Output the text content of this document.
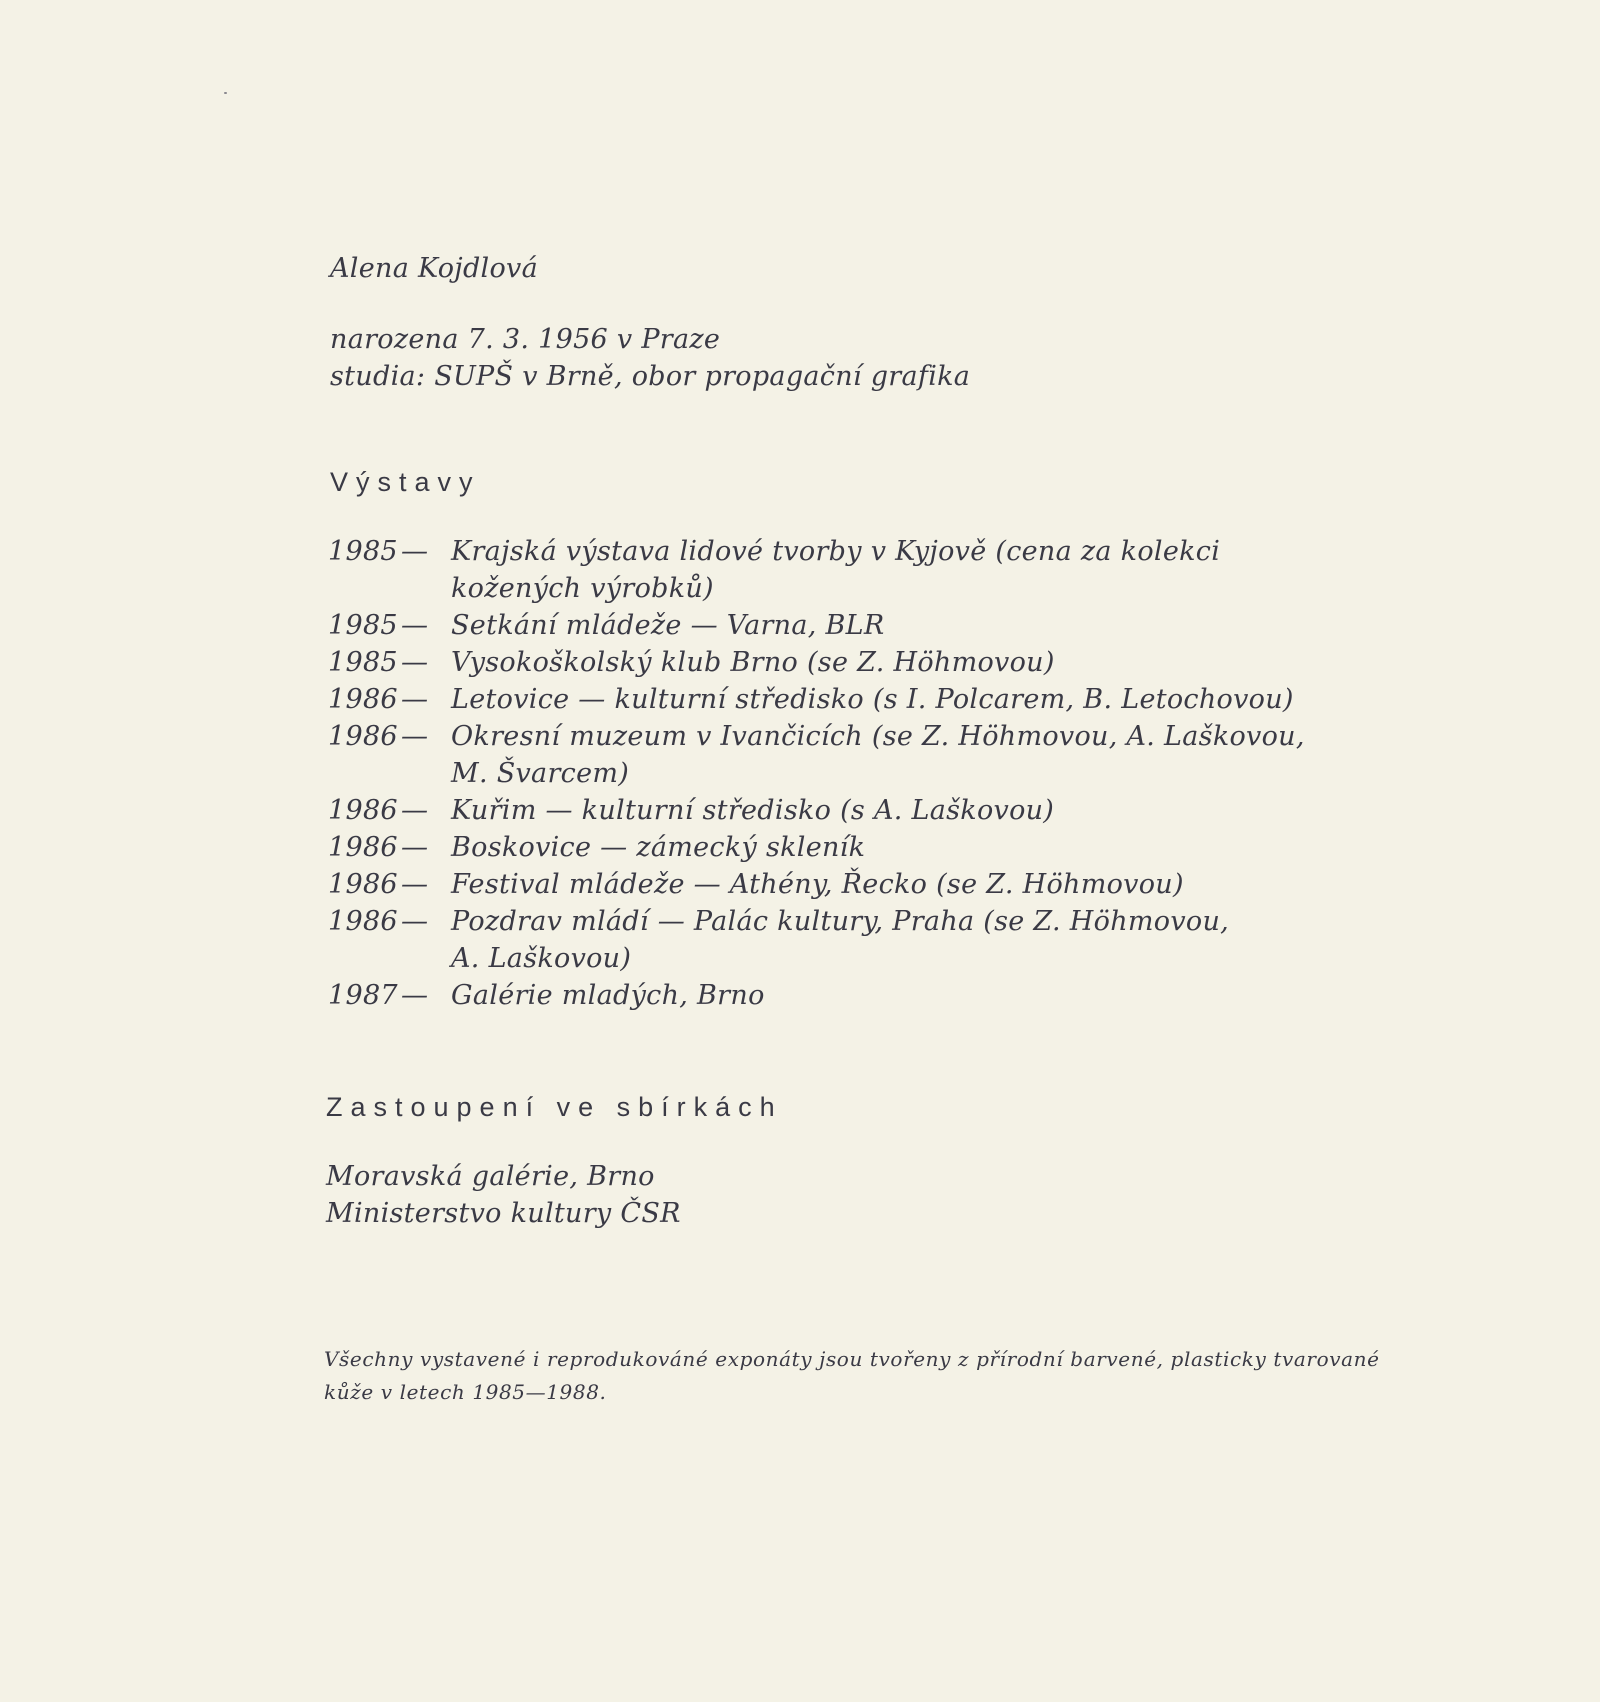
Alena Kojdlová
narozena 7. 3. 1956 v Praze
studia: SUPŠ v Brně, obor propagační grafika
Výstavy
1985 — Krajská výstava lidové tvorby v Kyjově (cena za kolekci
kožených výrobků)
1985 — Setkání mládeže — Varna, BLR
1985 — Vysokoškolský klub Brno (se Z. Höhmovou)
1986 — Letovice — kulturní středisko (s I. Polcarem, B. Letochovou)
1986 — Okresní muzeum v Ivančicích (se Z. Höhmovou, A. Laškovou,
M. Švarcem)
1986 — Kuřim — kulturní středisko (s A. Laškovou)
1986 — Boskovice — zámecký skleník
1986 — Festival mládeže — Athény, Řecko (se Z. Höhmovou)
1986 — Pozdrav mládí — Palác kultury, Praha (se Z. Höhmovou,
A. Laškovou)
1987 — Galérie mladých, Brno
Zastoupení ve sbírkách
Moravská galérie, Brno
Ministerstvo kultury ČSR
Všechny vystavené i reprodukováné exponáty jsou tvořeny z přírodní barvené, plasticky tvarované kůže v letech 1985—1988.
